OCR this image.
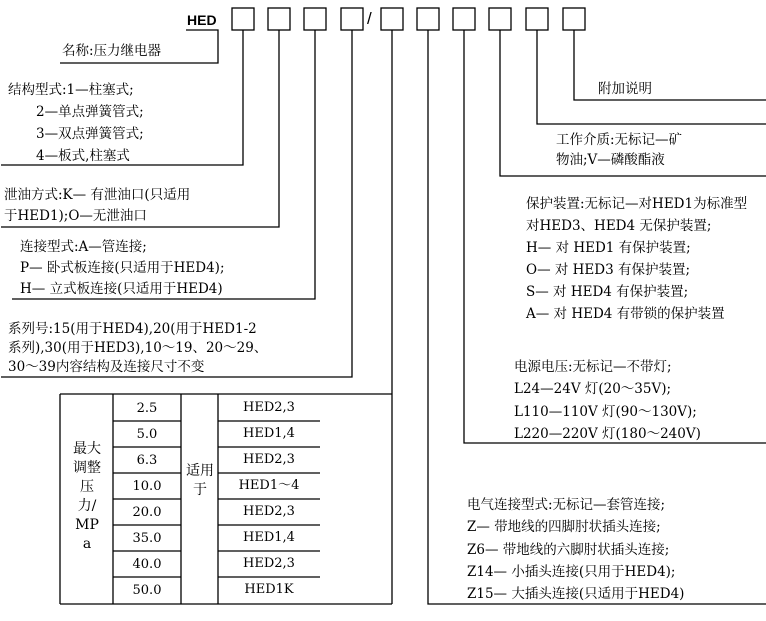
HED	/
名称:压力继电器
结构型式:1—柱塞式;
2—单点弹簧管式;
3—双点弹簧管式;
4—板式,柱塞式
泄油方式:K— 有泄油口(只适用
于HED1);O—无泄油口
连接型式:A—管连接;
P— 卧式板连接(只适用于HED4);
H— 立式板连接(只适用于HED4)
系列号:15(用于HED4),20(用于HED1-2
系列),30(用于HED3),10～19、20～29、
30～39内容结构及连接尺寸不变
最大调整压力/MPa
适用于
2.5	HED2,3
5.0	HED1,4
6.3	HED2,3
10.0	HED1～4
20.0	HED2,3
35.0	HED1,4
40.0	HED2,3
50.0	HED1K
附加说明
工作介质:无标记—矿
物油;V—磷酸酯液
保护装置:无标记—对HED1为标准型
对HED3、HED4 无保护装置;
H— 对 HED1 有保护装置;
O— 对 HED3 有保护装置;
S— 对 HED4 有保护装置;
A— 对 HED4 有带锁的保护装置
电源电压:无标记—不带灯;
L24—24V 灯(20～35V);
L110—110V 灯(90～130V);
L220—220V 灯(180～240V)
电气连接型式:无标记—套管连接;
Z— 带地线的四脚肘状插头连接;
Z6— 带地线的六脚肘状插头连接;
Z14— 小插头连接(只用于HED4);
Z15— 大插头连接(只适用于HED4)
